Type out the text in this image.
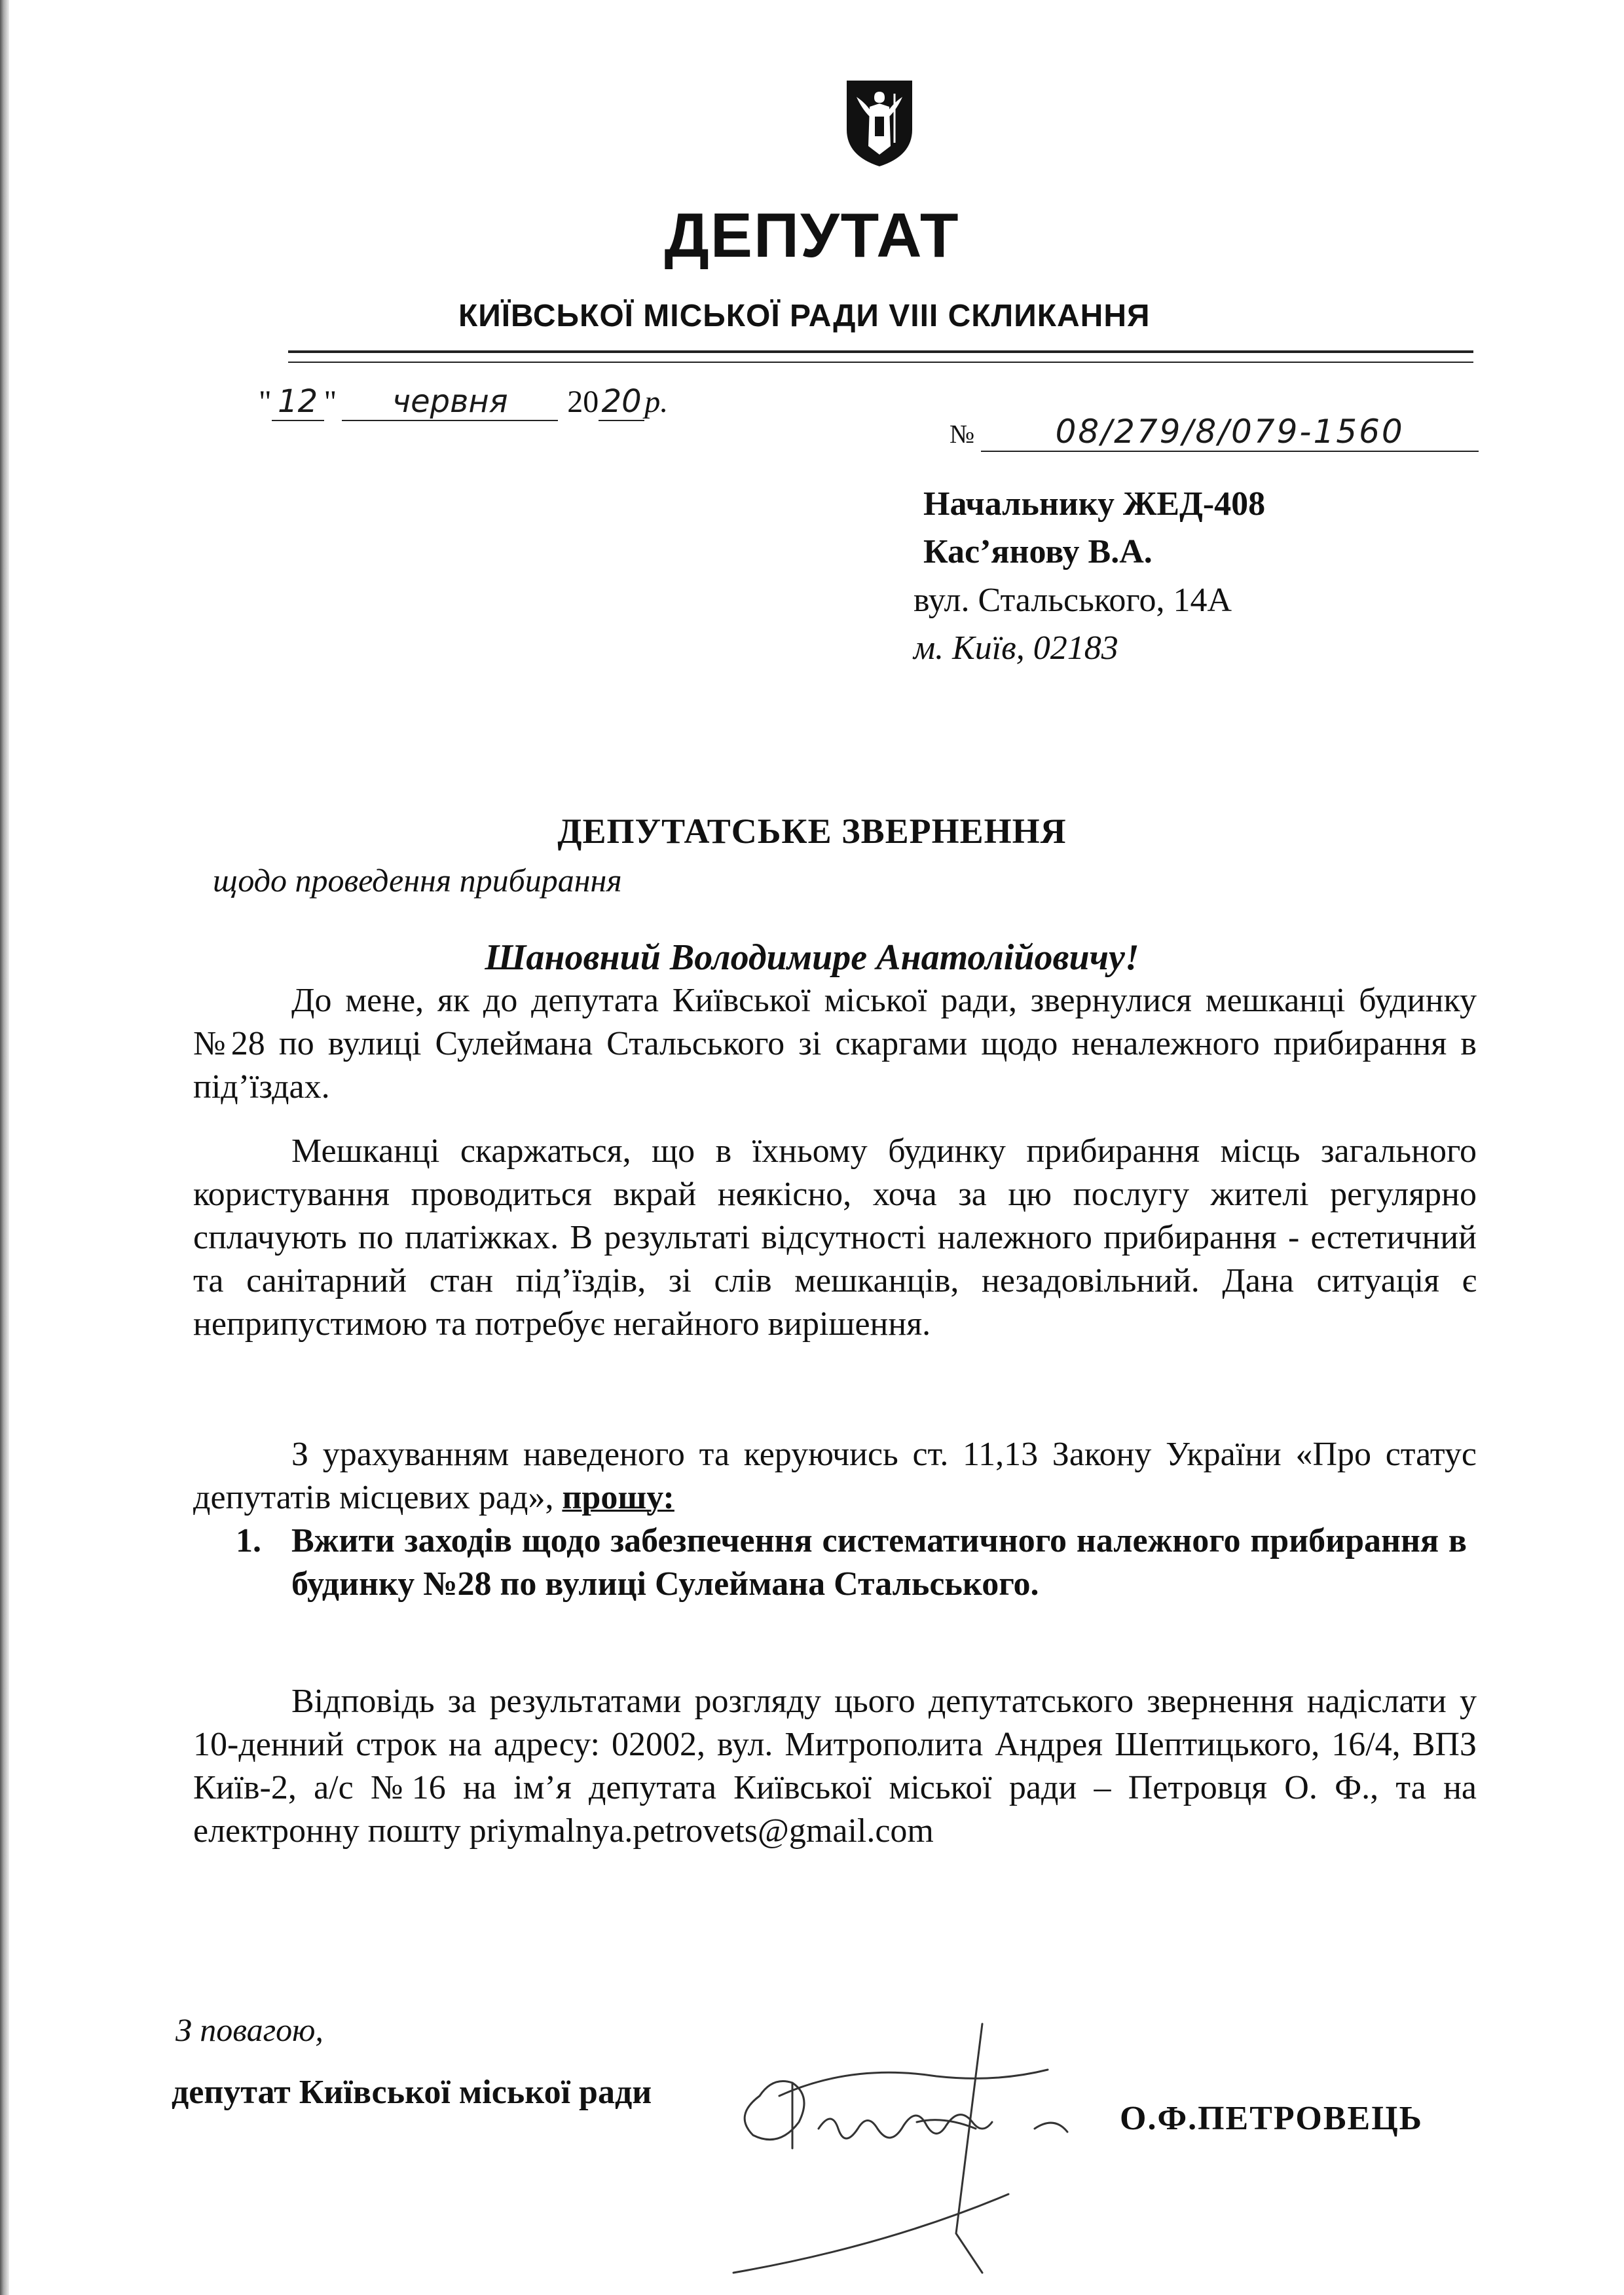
ДЕПУТАТ
КИЇВСЬКОЇ МІСЬКОЇ РАДИ VIII СКЛИКАННЯ
" 12 "	червня	20 20 р.
№	08/279/8/079-1560
Начальнику ЖЕД-408
Кас’янову В.А.
вул. Стальського, 14А
м. Київ, 02183
ДЕПУТАТСЬКЕ ЗВЕРНЕННЯ
щодо проведення прибирання
Шановний Володимире Анатолійовичу!

До мене, як до депутата Київської міської ради, звернулися мешканці будинку №28 по вулиці Сулеймана Стальського зі скаргами щодо неналежного прибирання в під’їздах.

Мешканці скаржаться, що в їхньому будинку прибирання місць загального користування проводиться вкрай неякісно, хоча за цю послугу жителі регулярно сплачують по платіжках. В результаті відсутності належного прибирання - естетичний та санітарний стан під’їздів, зі слів мешканців, незадовільний. Дана ситуація є неприпустимою та потребує негайного вирішення.

З урахуванням наведеного та керуючись ст. 11,13 Закону України «Про статус депутатів місцевих рад», прошу:

1. Вжити заходів щодо забезпечення систематичного належного прибирання в будинку №28 по вулиці Сулеймана Стальського.

Відповідь за результатами розгляду цього депутатського звернення надіслати у 10-денний строк на адресу: 02002, вул. Митрополита Андрея Шептицького, 16/4, ВПЗ Київ-2, а/с №16 на ім’я депутата Київської міської ради – Петровця О. Ф., та на електронну пошту priymalnya.petrovets@gmail.com

З повагою,
депутат Київської міської ради
О.Ф.ПЕТРОВЕЦЬ
